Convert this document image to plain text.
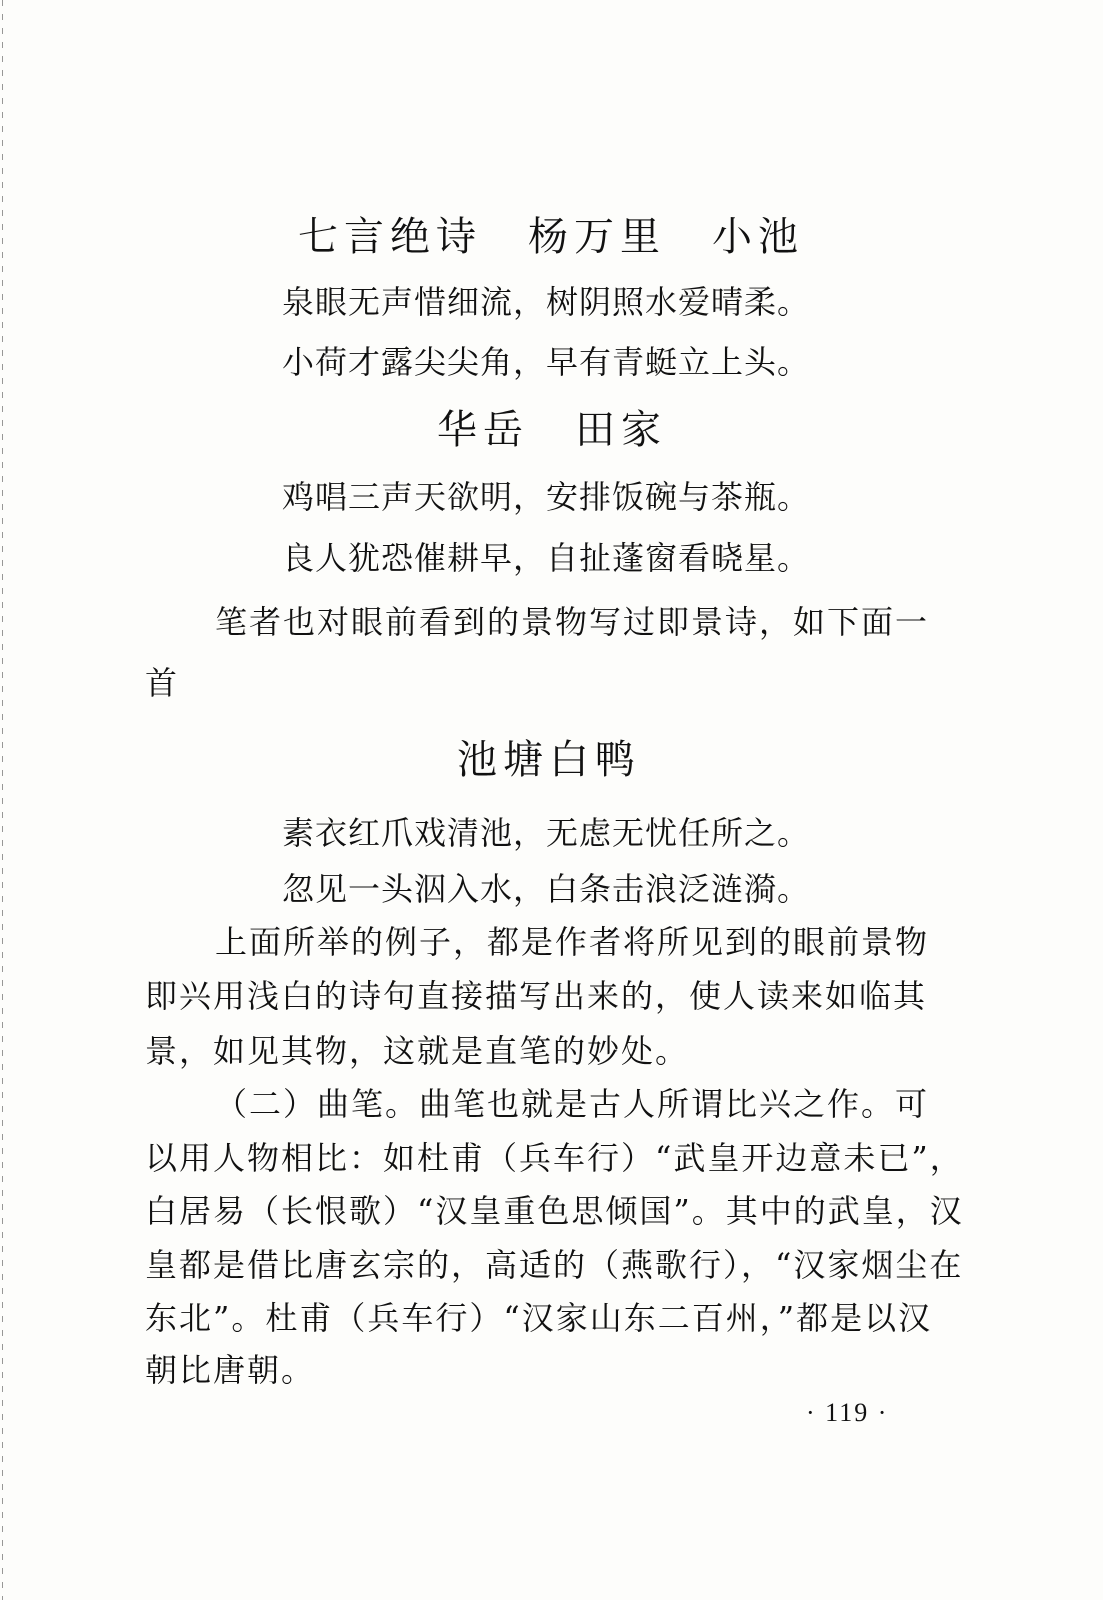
七言绝诗　杨万里　小池

泉眼无声惜细流，树阴照水爱晴柔。

小荷才露尖尖角，早有青蜓立上头。

华岳　田家

鸡唱三声天欲明，安排饭碗与茶瓶。

良人犹恐催耕早，自扯蓬窗看晓星。

笔者也对眼前看到的景物写过即景诗，如下面一

首

池塘白鸭

素衣红爪戏清池，无虑无忧任所之。

忽见一头泅入水，白条击浪泛涟漪。

上面所举的例子，都是作者将所见到的眼前景物

即兴用浅白的诗句直接描写出来的，使人读来如临其

景，如见其物，这就是直笔的妙处。

（二）曲笔。曲笔也就是古人所谓比兴之作。可

以用人物相比：如杜甫（兵车行）“武皇开边意未已”，

白居易（长恨歌）“汉皇重色思倾国”。其中的武皇，汉

皇都是借比唐玄宗的，高适的（燕歌行），“汉家烟尘在

东北”。杜甫（兵车行）“汉家山东二百州，”都是以汉

朝比唐朝。

· 119 ·
